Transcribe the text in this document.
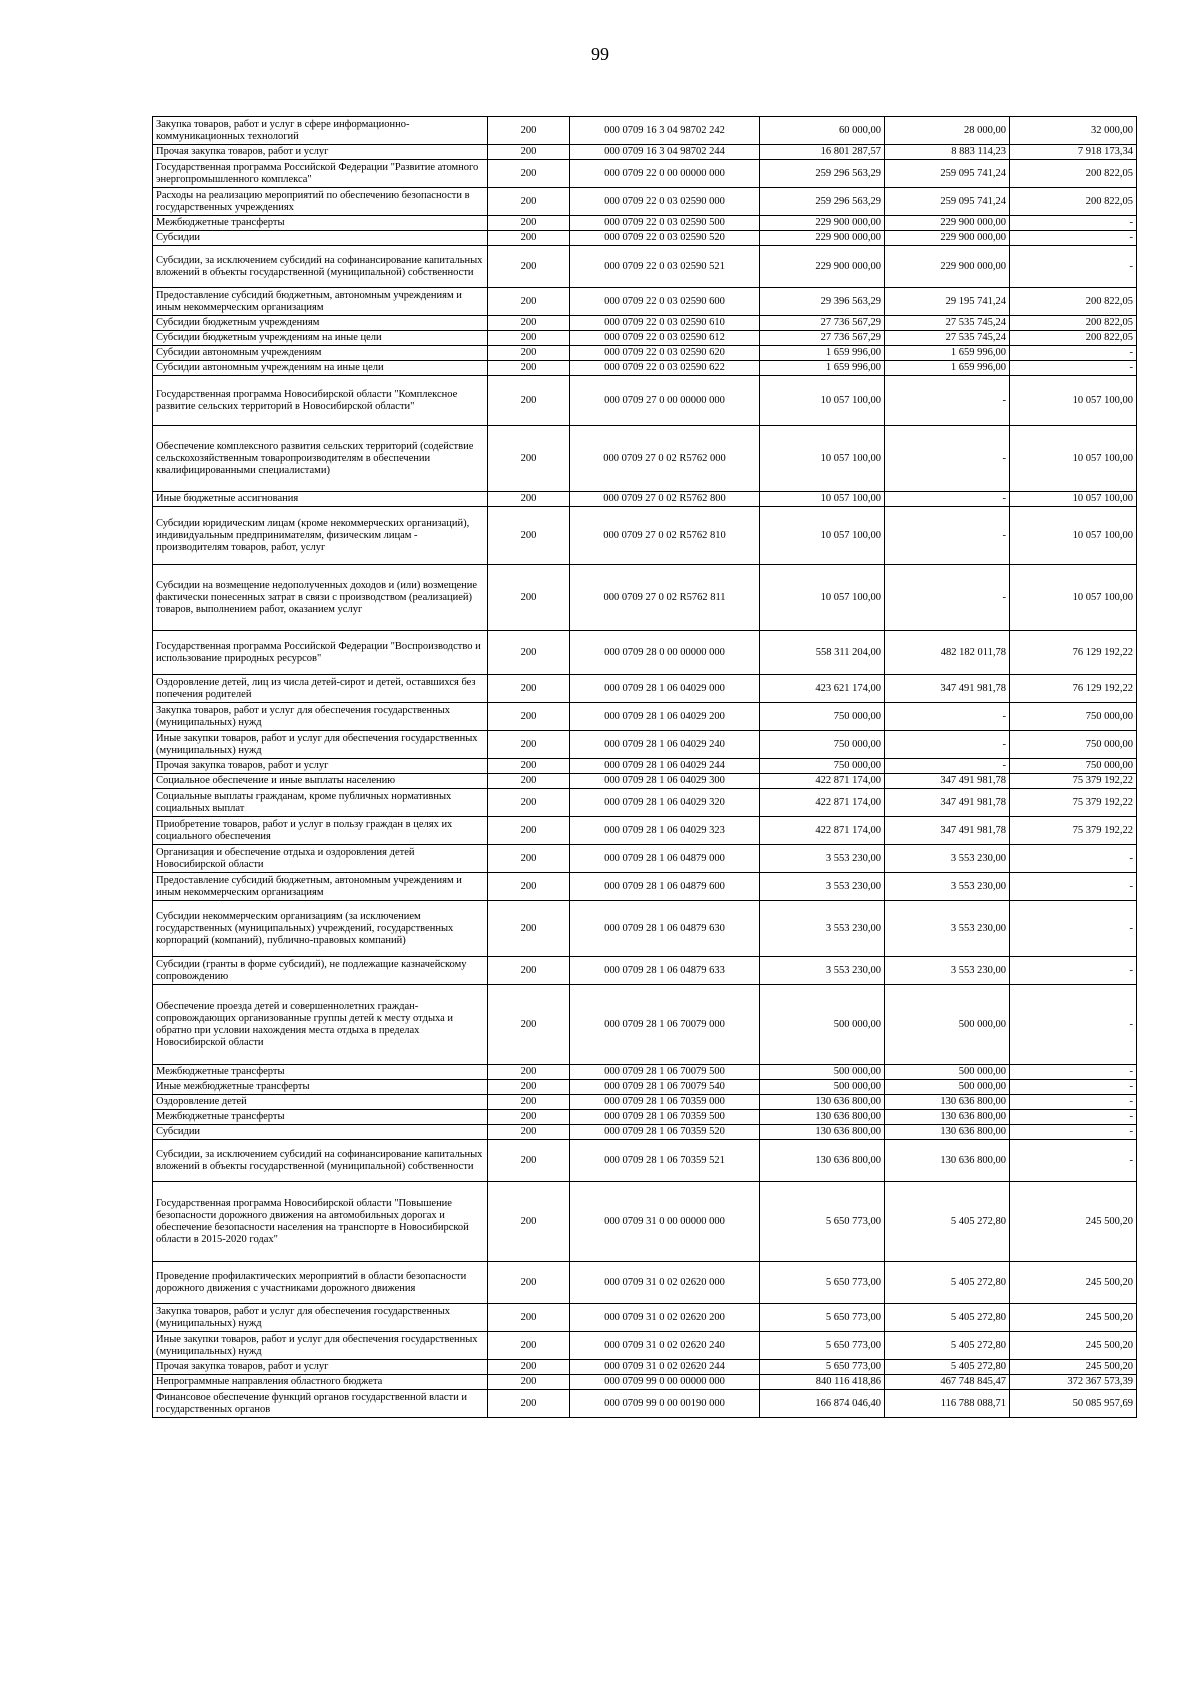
99
Закупка товаров, работ и услуг в сфере информационно-коммуникационных технологий	200	000 0709 16 3 04 98702 242	60 000,00	28 000,00	32 000,00
Прочая закупка товаров, работ и услуг	200	000 0709 16 3 04 98702 244	16 801 287,57	8 883 114,23	7 918 173,34
Государственная программа Российской Федерации "Развитие атомного энергопромышленного комплекса"	200	000 0709 22 0 00 00000 000	259 296 563,29	259 095 741,24	200 822,05
Расходы на реализацию мероприятий по обеспечению безопасности в государственных учреждениях	200	000 0709 22 0 03 02590 000	259 296 563,29	259 095 741,24	200 822,05
Межбюджетные трансферты	200	000 0709 22 0 03 02590 500	229 900 000,00	229 900 000,00	-
Субсидии	200	000 0709 22 0 03 02590 520	229 900 000,00	229 900 000,00	-
Субсидии, за исключением субсидий на софинансирование капитальных вложений в объекты государственной (муниципальной) собственности	200	000 0709 22 0 03 02590 521	229 900 000,00	229 900 000,00	-
Предоставление субсидий бюджетным, автономным учреждениям и иным некоммерческим организациям	200	000 0709 22 0 03 02590 600	29 396 563,29	29 195 741,24	200 822,05
Субсидии бюджетным учреждениям	200	000 0709 22 0 03 02590 610	27 736 567,29	27 535 745,24	200 822,05
Субсидии бюджетным учреждениям на иные цели	200	000 0709 22 0 03 02590 612	27 736 567,29	27 535 745,24	200 822,05
Субсидии автономным учреждениям	200	000 0709 22 0 03 02590 620	1 659 996,00	1 659 996,00	-
Субсидии автономным учреждениям на иные цели	200	000 0709 22 0 03 02590 622	1 659 996,00	1 659 996,00	-
Государственная программа Новосибирской области "Комплексное развитие сельских территорий в Новосибирской области"	200	000 0709 27 0 00 00000 000	10 057 100,00	-	10 057 100,00
Обеспечение комплексного развития сельских территорий (содействие сельскохозяйственным товаропроизводителям в обеспечении квалифицированными специалистами)	200	000 0709 27 0 02 R5762 000	10 057 100,00	-	10 057 100,00
Иные бюджетные ассигнования	200	000 0709 27 0 02 R5762 800	10 057 100,00	-	10 057 100,00
Субсидии юридическим лицам (кроме некоммерческих организаций), индивидуальным предпринимателям, физическим лицам - производителям товаров, работ, услуг	200	000 0709 27 0 02 R5762 810	10 057 100,00	-	10 057 100,00
Субсидии на возмещение недополученных доходов и (или) возмещение фактически понесенных затрат в связи с производством (реализацией) товаров, выполнением работ, оказанием услуг	200	000 0709 27 0 02 R5762 811	10 057 100,00	-	10 057 100,00
Государственная программа Российской Федерации "Воспроизводство и использование природных ресурсов"	200	000 0709 28 0 00 00000 000	558 311 204,00	482 182 011,78	76 129 192,22
Оздоровление детей, лиц из числа детей-сирот и детей, оставшихся без попечения родителей	200	000 0709 28 1 06 04029 000	423 621 174,00	347 491 981,78	76 129 192,22
Закупка товаров, работ и услуг для обеспечения государственных (муниципальных) нужд	200	000 0709 28 1 06 04029 200	750 000,00	-	750 000,00
Иные закупки товаров, работ и услуг для обеспечения государственных (муниципальных) нужд	200	000 0709 28 1 06 04029 240	750 000,00	-	750 000,00
Прочая закупка товаров, работ и услуг	200	000 0709 28 1 06 04029 244	750 000,00	-	750 000,00
Социальное обеспечение и иные выплаты населению	200	000 0709 28 1 06 04029 300	422 871 174,00	347 491 981,78	75 379 192,22
Социальные выплаты гражданам, кроме публичных нормативных социальных выплат	200	000 0709 28 1 06 04029 320	422 871 174,00	347 491 981,78	75 379 192,22
Приобретение товаров, работ и услуг в пользу граждан в целях их социального обеспечения	200	000 0709 28 1 06 04029 323	422 871 174,00	347 491 981,78	75 379 192,22
Организация и обеспечение отдыха и оздоровления детей Новосибирской области	200	000 0709 28 1 06 04879 000	3 553 230,00	3 553 230,00	-
Предоставление субсидий бюджетным, автономным учреждениям и иным некоммерческим организациям	200	000 0709 28 1 06 04879 600	3 553 230,00	3 553 230,00	-
Субсидии некоммерческим организациям (за исключением государственных (муниципальных) учреждений, государственных корпораций (компаний), публично-правовых компаний)	200	000 0709 28 1 06 04879 630	3 553 230,00	3 553 230,00	-
Субсидии (гранты в форме субсидий), не подлежащие казначейскому сопровождению	200	000 0709 28 1 06 04879 633	3 553 230,00	3 553 230,00	-
Обеспечение проезда детей и совершеннолетних граждан-сопровождающих организованные группы детей к месту отдыха и обратно при условии нахождения места отдыха в пределах Новосибирской области	200	000 0709 28 1 06 70079 000	500 000,00	500 000,00	-
Межбюджетные трансферты	200	000 0709 28 1 06 70079 500	500 000,00	500 000,00	-
Иные межбюджетные трансферты	200	000 0709 28 1 06 70079 540	500 000,00	500 000,00	-
Оздоровление детей	200	000 0709 28 1 06 70359 000	130 636 800,00	130 636 800,00	-
Межбюджетные трансферты	200	000 0709 28 1 06 70359 500	130 636 800,00	130 636 800,00	-
Субсидии	200	000 0709 28 1 06 70359 520	130 636 800,00	130 636 800,00	-
Субсидии, за исключением субсидий на софинансирование капитальных вложений в объекты государственной (муниципальной) собственности	200	000 0709 28 1 06 70359 521	130 636 800,00	130 636 800,00	-
Государственная программа Новосибирской области "Повышение безопасности дорожного движения на автомобильных дорогах и обеспечение безопасности населения на транспорте в Новосибирской области в 2015-2020 годах"	200	000 0709 31 0 00 00000 000	5 650 773,00	5 405 272,80	245 500,20
Проведение профилактических мероприятий в области безопасности дорожного движения с участниками дорожного движения	200	000 0709 31 0 02 02620 000	5 650 773,00	5 405 272,80	245 500,20
Закупка товаров, работ и услуг для обеспечения государственных (муниципальных) нужд	200	000 0709 31 0 02 02620 200	5 650 773,00	5 405 272,80	245 500,20
Иные закупки товаров, работ и услуг для обеспечения государственных (муниципальных) нужд	200	000 0709 31 0 02 02620 240	5 650 773,00	5 405 272,80	245 500,20
Прочая закупка товаров, работ и услуг	200	000 0709 31 0 02 02620 244	5 650 773,00	5 405 272,80	245 500,20
Непрограммные направления областного бюджета	200	000 0709 99 0 00 00000 000	840 116 418,86	467 748 845,47	372 367 573,39
Финансовое обеспечение функций органов государственной власти и государственных органов	200	000 0709 99 0 00 00190 000	166 874 046,40	116 788 088,71	50 085 957,69
